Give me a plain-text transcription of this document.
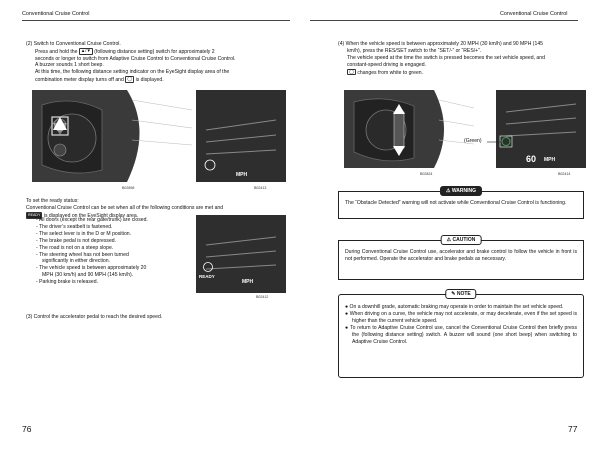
Conventional Cruise Control
(2) Switch to Conventional Cruise Control.
Press and hold the ▲/▼ (following distance setting) switch for approximately 2
seconds or longer to switch from Adaptive Cruise Control to Conventional Cruise Control.
A buzzer sounds 1 short beep.
At this time, the following distance setting indicator on the EyeSight display area of the
combination meter display turns off and ◯ is displayed.
MPH
B02898	B02413
To set the ready status:
Conventional Cruise Control can be set when all of the following conditions are met and
READY is displayed on the EyeSight display area.
- All doors (except the rear gate/trunk) are closed.
- The driver’s seatbelt is fastened.
- The select lever is in the D or M position.
- The brake pedal is not depressed.
- The road is not on a steep slope.
- The steering wheel has not been turned significantly in either direction.
- The vehicle speed is between approximately 20 MPH (30 km/h) and 90 MPH (145 km/h).
- Parking brake is released.
READY
MPH
B02412
(3) Control the accelerator pedal to reach the desired speed.
76
Conventional Cruise Control
(4) When the vehicle speed is between approximately 20 MPH (30 km/h) and 90 MPH (145
km/h), press the RES/SET switch to the “SET/-” or “RES/+”.
The vehicle speed at the time the switch is pressed becomes the set vehicle speed, and
constant-speed driving is engaged.
◯ changes from white to green.
(Green)
60 MPH
B02824	B02414
⚠ WARNING
The “Obstacle Detected” warning will not activate while Conventional Cruise Control is functioning.
⚠ CAUTION
During Conventional Cruise Control use, accelerator and brake control to follow the vehicle in front is not performed. Operate the accelerator and brake pedals as necessary.
✎ NOTE
● On a downhill grade, automatic braking may operate in order to maintain the set vehicle speed.
● When driving on a curve, the vehicle may not accelerate, or may decelerate, even if the set speed is higher than the current vehicle speed.
● To return to Adaptive Cruise Control use, cancel the Conventional Cruise Control then briefly press the (following distance setting) switch. A buzzer will sound (one short beep) when switching to Adaptive Cruise Control.
77
